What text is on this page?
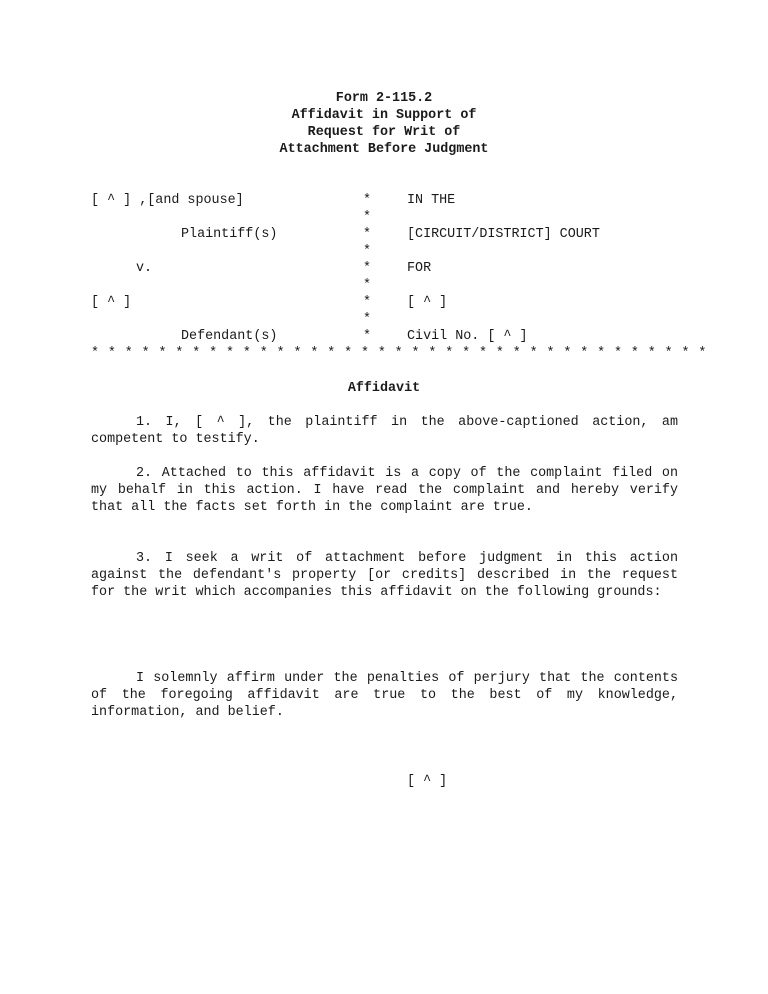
Form 2-115.2
Affidavit in Support of
Request for Writ of
Attachment Before Judgment
[ ^ ] ,[and spouse]
Plaintiff(s)
v.
[ ^ ]
Defendant(s)
*
*
*
*
*
*
*
*
*
IN THE
[CIRCUIT/DISTRICT] COURT
FOR
[ ^ ]
Civil No. [ ^ ]
* * * * * * * * * * * * * * * * * * * * * * * * * * * * * * * * * * * * *
Affidavit
1. I, [ ^ ], the plaintiff in the above-captioned action, am competent to testify.
2. Attached to this affidavit is a copy of the complaint filed on my behalf in this action. I have read the complaint and hereby verify that all the facts set forth in the complaint are true.
3. I seek a writ of attachment before judgment in this action against the defendant's property [or credits] described in the request for the writ which accompanies this affidavit on the following grounds:
I solemnly affirm under the penalties of perjury that the contents of the foregoing affidavit are true to the best of my knowledge, information, and belief.
[ ^ ]
